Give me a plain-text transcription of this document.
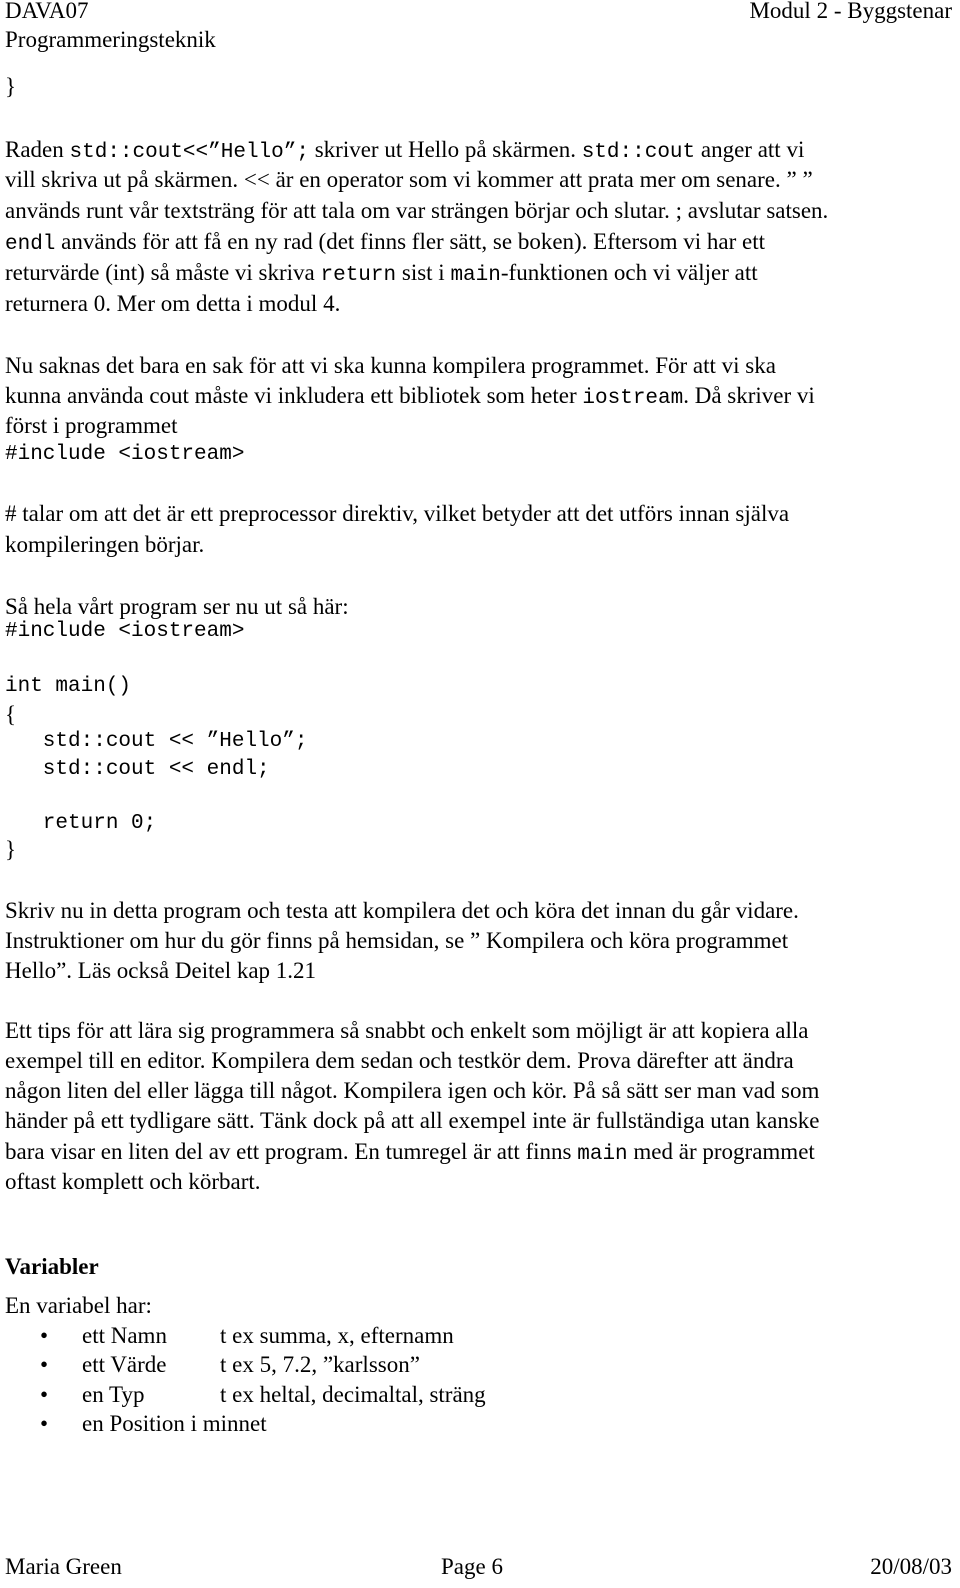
DAVA07
Programmeringsteknik
Modul 2 - Byggstenar
}
Raden std::cout<<”Hello”; skriver ut Hello på skärmen. std::cout anger att vi
vill skriva ut på skärmen. << är en operator som vi kommer att prata mer om senare. ” ”
används runt vår textsträng för att tala om var strängen börjar och slutar. ; avslutar satsen.
endl används för att få en ny rad (det finns fler sätt, se boken). Eftersom vi har ett
returvärde (int) så måste vi skriva return sist i main-funktionen och vi väljer att
returnera 0. Mer om detta i modul 4.
Nu saknas det bara en sak för att vi ska kunna kompilera programmet. För att vi ska
kunna använda cout måste vi inkludera ett bibliotek som heter iostream. Då skriver vi
först i programmet
#include <iostream>
# talar om att det är ett preprocessor direktiv, vilket betyder att det utförs innan själva
kompileringen börjar.
Så hela vårt program ser nu ut så här:
#include <iostream>
int main()
{
std::cout << ”Hello”;
std::cout << endl;
return 0;
}
Skriv nu in detta program och testa att kompilera det och köra det innan du går vidare.
Instruktioner om hur du gör finns på hemsidan, se ” Kompilera och köra programmet
Hello”. Läs också Deitel kap 1.21
Ett tips för att lära sig programmera så snabbt och enkelt som möjligt är att kopiera alla
exempel till en editor. Kompilera dem sedan och testkör dem. Prova därefter att ändra
någon liten del eller lägga till något. Kompilera igen och kör. På så sätt ser man vad som
händer på ett tydligare sätt. Tänk dock på att all exempel inte är fullständiga utan kanske
bara visar en liten del av ett program. En tumregel är att finns main med är programmet
oftast komplett och körbart.
Variabler
En variabel har:
• ett Namn t ex summa, x, efternamn
• ett Värde t ex 5, 7.2, ”karlsson”
• en Typ	t ex heltal, decimaltal, sträng
• en Position i minnet
Maria Green	Page 6	20/08/03
